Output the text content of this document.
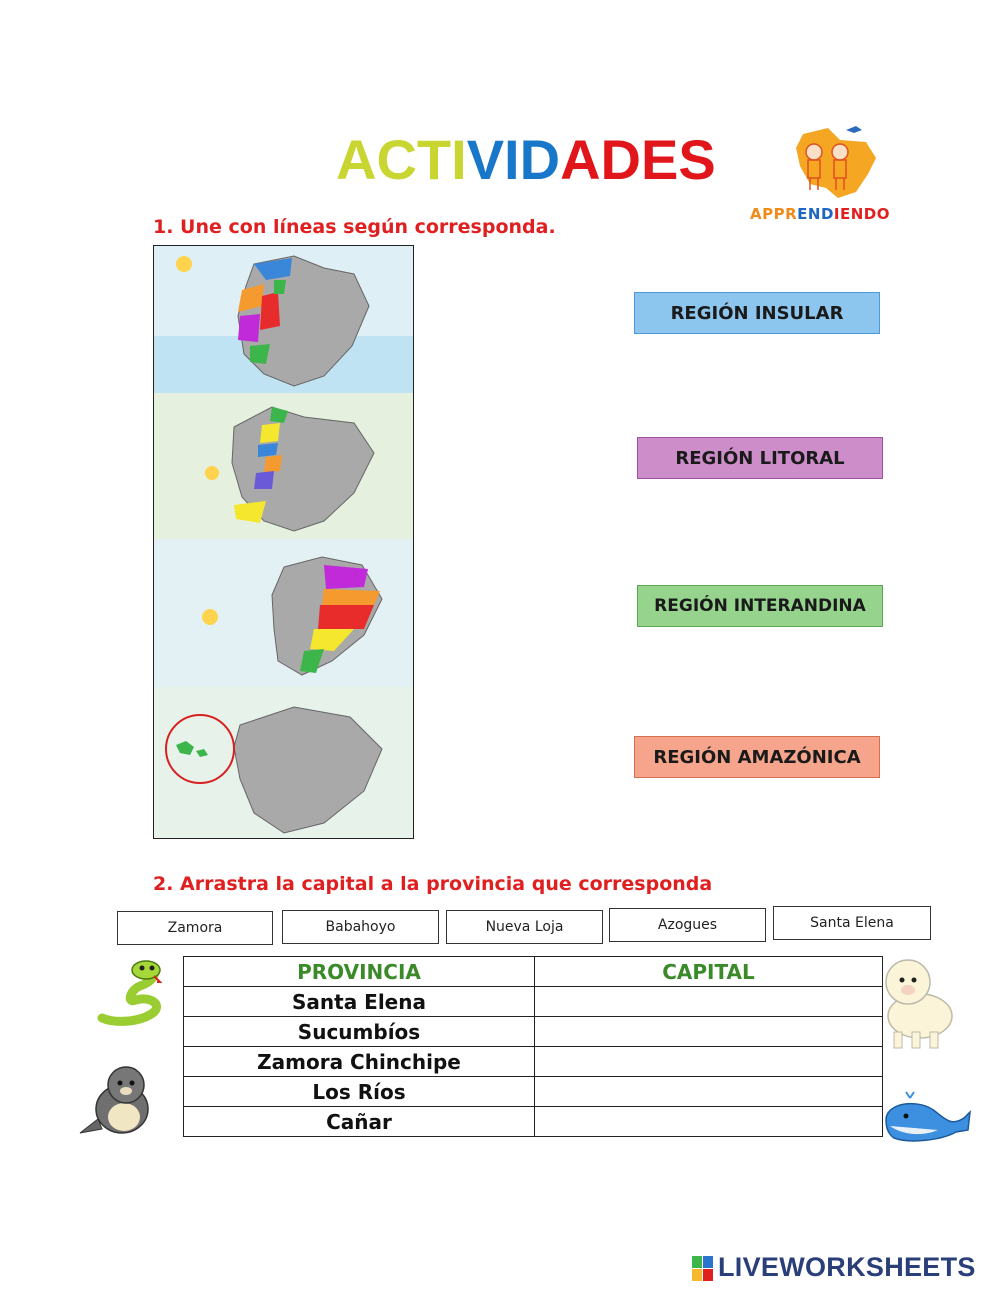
ACTIVIDADES
APPRENDIENDO
1. Une con líneas según corresponda.
REGIÓN INSULAR
REGIÓN LITORAL
REGIÓN INTERANDINA
REGIÓN AMAZÓNICA
2. Arrastra la capital a la provincia que corresponda
Zamora	Babahoyo	Nueva Loja	Azogues	Santa Elena
PROVINCIA	CAPITAL
Santa Elena	
Sucumbíos	
Zamora Chinchipe	
Los Ríos	
Cañar	
LIVEWORKSHEETS
